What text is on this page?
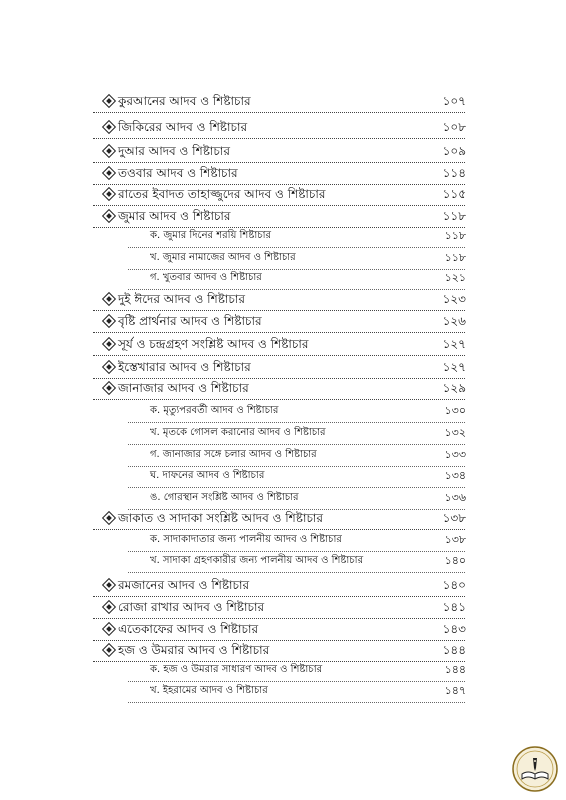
কুরআনের আদব ও শিষ্টাচার	১০৭
জিকিরের আদব ও শিষ্টাচার	১০৮
দুআর আদব ও শিষ্টাচার	১০৯
তওবার আদব ও শিষ্টাচার	১১৪
রাতের ইবাদত তাহাজ্জুদের আদব ও শিষ্টাচার	১১৫
জুমার আদব ও শিষ্টাচার	১১৮
ক. জুমার দিনের শরয়ি শিষ্টাচার	১১৮
খ. জুমার নামাজের আদব ও শিষ্টাচার	১১৮
গ. খুতবার আদব ও শিষ্টাচার	১২১
দুই ঈদের আদব ও শিষ্টাচার	১২৩
বৃষ্টি প্রার্থনার আদব ও শিষ্টাচার	১২৬
সূর্য ও চন্দ্রগ্রহণ সংশ্লিষ্ট আদব ও শিষ্টাচার	১২৭
ইস্তেখারার আদব ও শিষ্টাচার	১২৭
জানাজার আদব ও শিষ্টাচার	১২৯
ক. মৃত্যুপরবর্তী আদব ও শিষ্টাচার	১৩০
খ. মৃতকে গোসল করানোর আদব ও শিষ্টাচার	১৩২
গ. জানাজার সঙ্গে চলার আদব ও শিষ্টাচার	১৩৩
ঘ. দাফনের আদব ও শিষ্টাচার	১৩৪
ঙ. গোরস্থান সংশ্লিষ্ট আদব ও শিষ্টাচার	১৩৬
জাকাত ও সাদাকা সংশ্লিষ্ট আদব ও শিষ্টাচার	১৩৮
ক. সাদাকাদাতার জন্য পালনীয় আদব ও শিষ্টাচার	১৩৮
খ. সাদাকা গ্রহণকারীর জন্য পালনীয় আদব ও শিষ্টাচার	১৪০
রমজানের আদব ও শিষ্টাচার	১৪০
রোজা রাখার আদব ও শিষ্টাচার	১৪১
এতেকাফের আদব ও শিষ্টাচার	১৪৩
হজ ও উমরার আদব ও শিষ্টাচার	১৪৪
ক. হজ ও উমরার সাধারণ আদব ও শিষ্টাচার	১৪৪
খ. ইহরামের আদব ও শিষ্টাচার	১৪৭
